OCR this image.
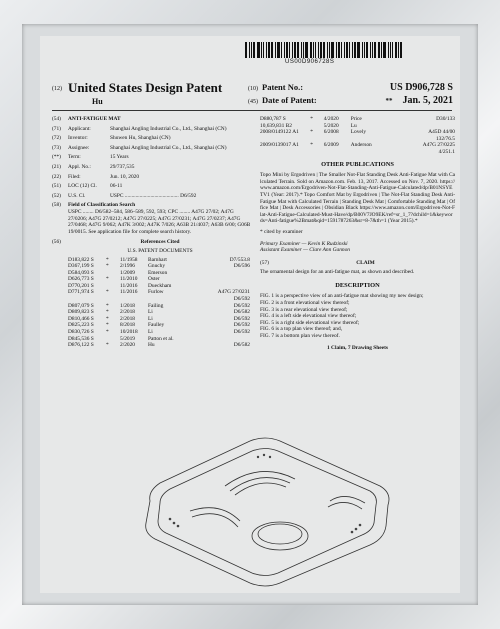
US00D906728S
(12) United States Design Patent
Hu
(10) Patent No.:	US D906,728 S
(45) Date of Patent:	** Jan. 5, 2021
(54)	ANTI-FATIGUE MAT
(71)	Applicant:	Shanghai Angling Industrial Co., Ltd., Shanghai (CN)
(72)	Inventor:	Shuwen Hu, Shanghai (CN)
(73)	Assignee:	Shanghai Angling Industrial Co., Ltd., Shanghai (CN)
(**)	Term:	15 Years
(21)	Appl. No.:	29/737,535
(22)	Filed:	Jun. 10, 2020
(51)	LOC (12) Cl.	06-11
(52)	U.S. Cl.	USPC ........................................ D6/592
(58)	Field of Classification Search
USPC ........ D6/582–584, 586–589, 592, 593; CPC ........ A47G 27/02; A47G 27/0206; A47G 27/0212; A47G 27/0225; A47G 27/0231; A47G 27/0237; A47G 27/0468; A47G 9/062; A47K 3/002; A47K 7/026; A63B 21/4037; A63B 6/00; G06B 19/0015. See application file for complete search history.
(56)	References Cited
U.S. PATENT DOCUMENTS
D183,822 S	*	11/1958	Barnhart	D7/553.8
D367,199 S	*	2/1996	Gnuchy	D6/596
D584,093 S	1/2009	Emerson
D626,773 S	*	11/2010	Oster
D770,201 S	11/2016	Dueckham
D771,974 S	*	11/2016	Furlow	A47G 27/0231
D6/592
D807,079 S	*	1/2018	Failing	D6/592
D809,823 S	*	2/2018	Li	D6/582
D810,466 S	*	2/2018	Li	D6/592
D825,223 S	*	8/2018	Faulley	D6/592
D830,726 S	*	10/2018	Li	D6/592
D845,536 S	5/2019	Patton et al.
D876,122 S	*	2/2020	Hu	D6/582
D880,787 S	*	4/2020	Price	D30/133
10,639,831 B2	5/2020	Lu
2008/0149122 A1	*	6/2008	Lovely	A45D 44/00
132/76.5
2009/0139017 A1	*	6/2009	Anderson	A47G 27/0225
4/251.1
OTHER PUBLICATIONS
Topo Mini by Ergodriven | The Smaller Not-Flat Standing Desk Anti-Fatigue Mat with Calculated Terrain. Sold on Amazon.com. Feb. 13, 2017. Accessed on Nov. 7, 2020. https://www.amazon.com/Ergodriven-Not-Flat-Standing-Anti-Fatigue-Calculated/dp/B01NSYETV1 (Year: 2017).* Topo Comfort Mat by Ergodriven | The Not-Flat Standing Desk Anti-Fatigue Mat with Calculated Terrain | Standing Desk Mat | Comfortable Standing Mat | Office Mat | Desk Accessories | Obsidian Black https://www.amazon.com/Ergodriven-Not-Flat-Anti-Fatigue-Calculated-Must-Have/dp/B00V7JO9EK/ref=sr_1_7?dchild=1&keywords=Anti-fatigue%2Bmat&qid=1591787263&sr=8-7&th=1 (Year 2015).*
* cited by examiner
Primary Examiner — Kevin K Rudzinski
Assistant Examiner — Clare Ann Gannon
(57)	CLAIM
The ornamental design for an anti-fatigue mat, as shown and described.
DESCRIPTION
FIG. 1 is a perspective view of an anti-fatigue mat showing my new design;
FIG. 2 is a front elevational view thereof;
FIG. 3 is a rear elevational view thereof;
FIG. 4 is a left side elevational view thereof;
FIG. 5 is a right side elevational view thereof;
FIG. 6 is a top plan view thereof; and,
FIG. 7 is a bottom plan view thereof.
1 Claim, 7 Drawing Sheets
